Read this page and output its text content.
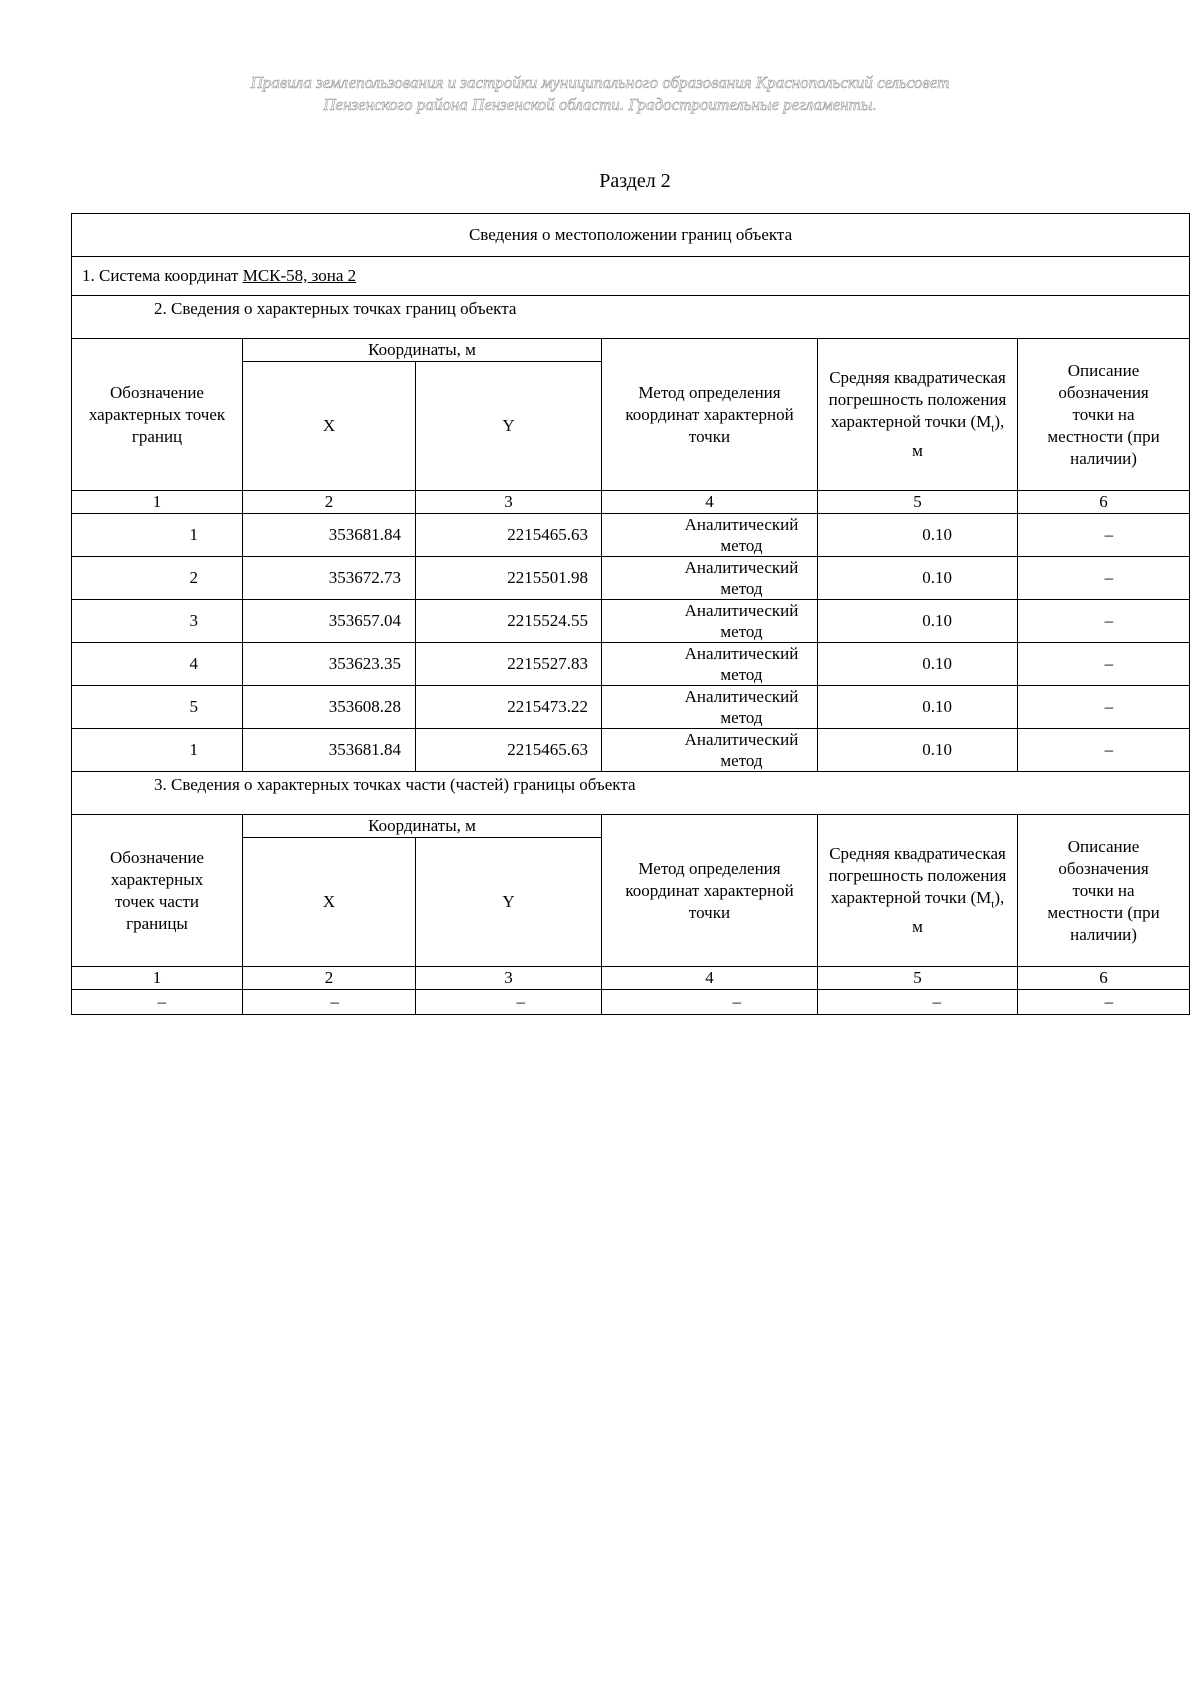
Правила землепользования и застройки муниципального образования Краснопольский сельсовет
Пензенского района Пензенской области. Градостроительные регламенты.
Раздел 2
Сведения о местоположении границ объекта					
1. Система координат МСК-58, зона 2					
2. Сведения о характерных точках границ объекта					
Обозначение характерных точек границ	Координаты, м		Метод определения координат характерной точки	Средняя квадратическая погрешность положения характерной точки $(M_t)$, м	Описание обозначения точки на местности (при наличии)
	X	Y			
1	2	3	4	5	6
1	353681.84	2215465.63	Аналитический метод	0.10	–
2	353672.73	2215501.98	Аналитический метод	0.10	–
3	353657.04	2215524.55	Аналитический метод	0.10	–
4	353623.35	2215527.83	Аналитический метод	0.10	–
5	353608.28	2215473.22	Аналитический метод	0.10	–
1	353681.84	2215465.63	Аналитический метод	0.10	–
3. Сведения о характерных точках части (частей) границы объекта					
Обозначение характерных точек части границы	Координаты, м		Метод определения координат характерной точки	Средняя квадратическая погрешность положения характерной точки $(M_t)$, м	Описание обозначения точки на местности (при наличии)
	X	Y			
1	2	3	4	5	6
–	–	–	–	–	–
